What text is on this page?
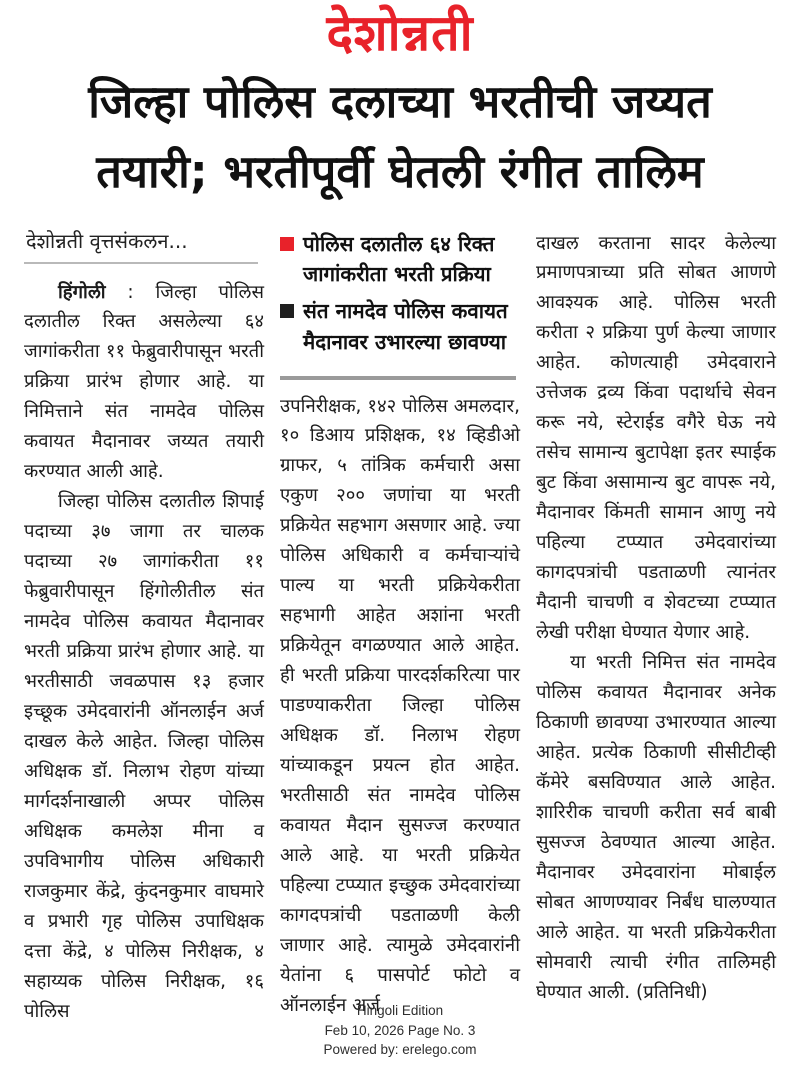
देशोन्नती
जिल्हा पोलिस दलाच्या भरतीची जय्यत
तयारी; भरतीपूर्वी घेतली रंगीत तालिम
देशोन्नती वृत्तसंकलन...

हिंगोली : जिल्हा पोलिस दलातील रिक्त असलेल्या ६४ जागांकरीता ११ फेब्रुवारीपासून भरती प्रक्रिया प्रारंभ होणार आहे. या निमित्ताने संत नामदेव पोलिस कवायत मैदानावर जय्यत तयारी करण्यात आली आहे.

जिल्हा पोलिस दलातील शिपाई पदाच्या ३७ जागा तर चालक पदाच्या २७ जागांकरीता ११ फेब्रुवारीपासून हिंगोलीतील संत नामदेव पोलिस कवायत मैदानावर भरती प्रक्रिया प्रारंभ होणार आहे. या भरतीसाठी जवळपास १३ हजार इच्छूक उमेदवारांनी ऑनलाईन अर्ज दाखल केले आहेत. जिल्हा पोलिस अधिक्षक डॉ. निलाभ रोहण यांच्या मार्गदर्शनाखाली अप्पर पोलिस अधिक्षक कमलेश मीना व उपविभागीय पोलिस अधिकारी राजकुमार केंद्रे, कुंदनकुमार वाघमारे व प्रभारी गृह पोलिस उपाधिक्षक दत्ता केंद्रे, ४ पोलिस निरीक्षक, ४ सहाय्यक पोलिस निरीक्षक, १६ पोलिस

पोलिस दलातील ६४ रिक्त जागांकरीता भरती प्रक्रिया
संत नामदेव पोलिस कवायत मैदानावर उभारल्या छावण्या

उपनिरीक्षक, १४२ पोलिस अमलदार, १० डिआय प्रशिक्षक, १४ व्हिडीओ ग्राफर, ५ तांत्रिक कर्मचारी असा एकुण २०० जणांचा या भरती प्रक्रियेत सहभाग असणार आहे. ज्या पोलिस अधिकारी व कर्मचाऱ्यांचे पाल्य या भरती प्रक्रियेकरीता सहभागी आहेत अशांना भरती प्रक्रियेतून वगळण्यात आले आहेत. ही भरती प्रक्रिया पारदर्शकरित्या पार पाडण्याकरीता जिल्हा पोलिस अधिक्षक डॉ. निलाभ रोहण यांच्याकडून प्रयत्न होत आहेत. भरतीसाठी संत नामदेव पोलिस कवायत मैदान सुसज्ज करण्यात आले आहे. या भरती प्रक्रियेत पहिल्या टप्प्यात इच्छुक उमेदवारांच्या कागदपत्रांची पडताळणी केली जाणार आहे. त्यामुळे उमेदवारांनी येतांना ६ पासपोर्ट फोटो व ऑनलाईन अर्ज

दाखल करताना सादर केलेल्या प्रमाणपत्राच्या प्रति सोबत आणणे आवश्यक आहे. पोलिस भरती करीता २ प्रक्रिया पुर्ण केल्या जाणार आहेत. कोणत्याही उमेदवाराने उत्तेजक द्रव्य किंवा पदार्थाचे सेवन करू नये, स्टेराईड वगैरे घेऊ नये तसेच सामान्य बुटापेक्षा इतर स्पाईक बुट किंवा असामान्य बुट वापरू नये, मैदानावर किंमती सामान आणु नये पहिल्या टप्प्यात उमेदवारांच्या कागदपत्रांची पडताळणी त्यानंतर मैदानी चाचणी व शेवटच्या टप्प्यात लेखी परीक्षा घेण्यात येणार आहे.

या भरती निमित्त संत नामदेव पोलिस कवायत मैदानावर अनेक ठिकाणी छावण्या उभारण्यात आल्या आहेत. प्रत्येक ठिकाणी सीसीटीव्ही कॅमेरे बसविण्यात आले आहेत. शारिरीक चाचणी करीता सर्व बाबी सुसज्ज ठेवण्यात आल्या आहेत. मैदानावर उमेदवारांना मोबाईल सोबत आणण्यावर निर्बंध घालण्यात आले आहेत. या भरती प्रक्रियेकरीता सोमवारी त्याची रंगीत तालिमही घेण्यात आली. (प्रतिनिधी)

Hingoli Edition
Feb 10, 2026 Page No. 3
Powered by: erelego.com
